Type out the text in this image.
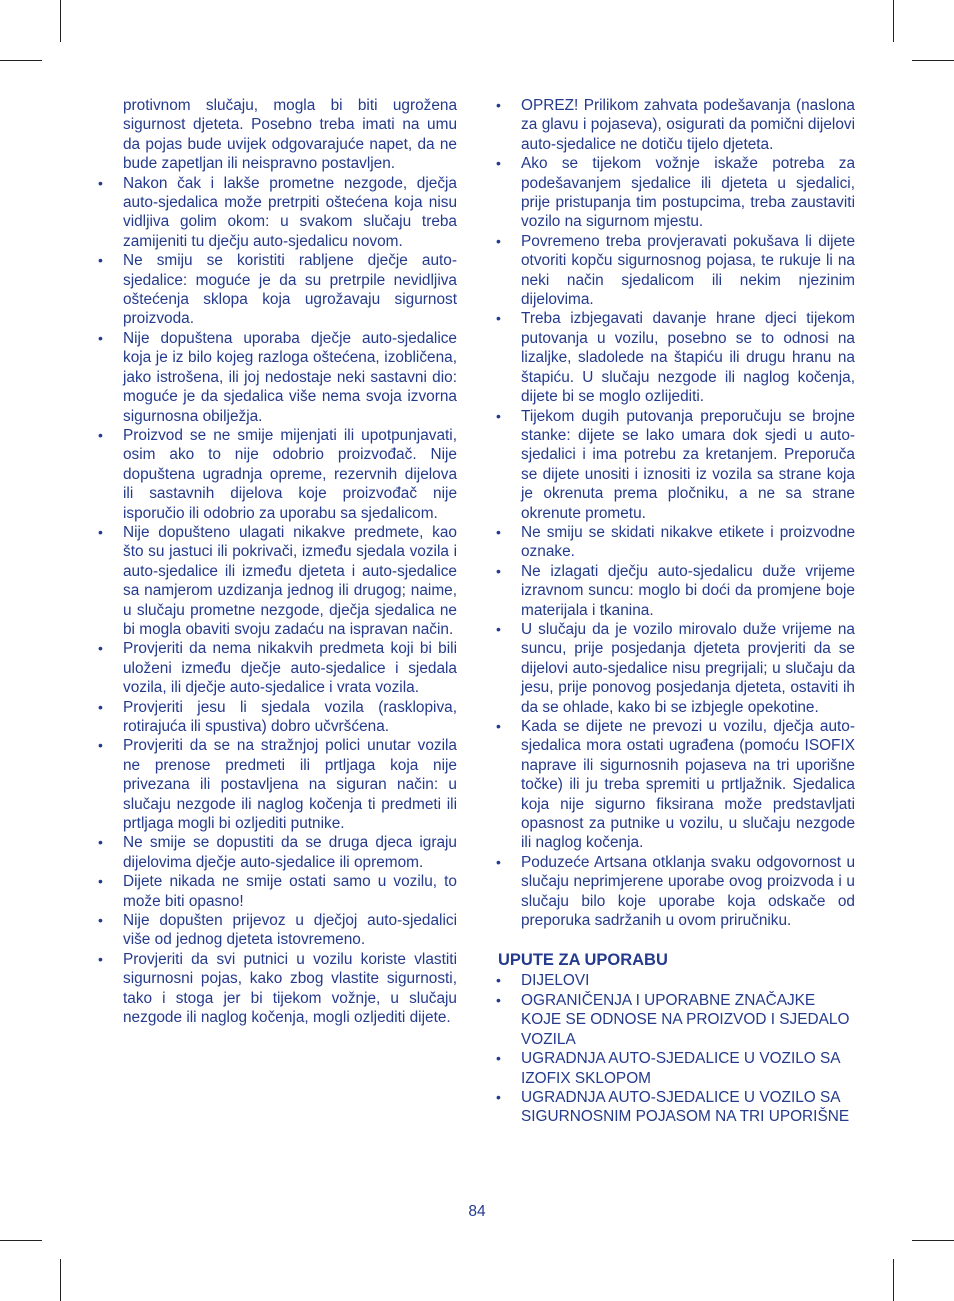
protivnom slučaju, mogla bi biti ugrožena sigurnost djeteta. Posebno treba imati na umu da pojas bude uvijek odgovarajuće napet, da ne bude zapetljan ili neispravno postavljen.

• Nakon čak i lakše prometne nezgode, dječja auto-sjedalica može pretrpiti oštećena koja nisu vidljiva golim okom: u svakom slučaju treba zamijeniti tu dječju auto-sjedalicu novom.
• Ne smiju se koristiti rabljene dječje auto-sjedalice: moguće je da su pretrpile nevidljiva oštećenja sklopa koja ugrožavaju sigurnost proizvoda.
• Nije dopuštena uporaba dječje auto-sjedalice koja je iz bilo kojeg razloga oštećena, izobličena, jako istrošena, ili joj nedostaje neki sastavni dio: moguće je da sjedalica više nema svoja izvorna sigurnosna obilježja.
• Proizvod se ne smije mijenjati ili upotpunjavati, osim ako to nije odobrio proizvođač. Nije dopuštena ugradnja opreme, rezervnih dijelova ili sastavnih dijelova koje proizvođač nije isporučio ili odobrio za uporabu sa sjedalicom.
• Nije dopušteno ulagati nikakve predmete, kao što su jastuci ili pokrivači, između sjedala vozila i auto-sjedalice ili između djeteta i auto-sjedalice sa namjerom uzdizanja jednog ili drugog; naime, u slučaju prometne nezgode, dječja sjedalica ne bi mogla obaviti svoju zadaću na ispravan način.
• Provjeriti da nema nikakvih predmeta koji bi bili uloženi između dječje auto-sjedalice i sjedala vozila, ili dječje auto-sjedalice i vrata vozila.
• Provjeriti jesu li sjedala vozila (rasklopiva, rotirajuća ili spustiva) dobro učvršćena.
• Provjeriti da se na stražnjoj polici unutar vozila ne prenose predmeti ili prtljaga koja nije privezana ili postavljena na siguran način: u slučaju nezgode ili naglog kočenja ti predmeti ili prtljaga mogli bi ozljediti putnike.
• Ne smije se dopustiti da se druga djeca igraju dijelovima dječje auto-sjedalice ili opremom.
• Dijete nikada ne smije ostati samo u vozilu, to može biti opasno!
• Nije dopušten prijevoz u dječjoj auto-sjedalici više od jednog djeteta istovremeno.
• Provjeriti da svi putnici u vozilu koriste vlastiti sigurnosni pojas, kako zbog vlastite sigurnosti, tako i stoga jer bi tijekom vožnje, u slučaju nezgode ili naglog kočenja, mogli ozljediti dijete.
• OPREZ! Prilikom zahvata podešavanja (naslona za glavu i pojaseva), osigurati da pomični dijelovi auto-sjedalice ne dotiču tijelo djeteta.
• Ako se tijekom vožnje iskaže potreba za podešavanjem sjedalice ili djeteta u sjedalici, prije pristupanja tim postupcima, treba zaustaviti vozilo na sigurnom mjestu.
• Povremeno treba provjeravati pokušava li dijete otvoriti kopču sigurnosnog pojasa, te rukuje li na neki način sjedalicom ili nekim njezinim dijelovima.
• Treba izbjegavati davanje hrane djeci tijekom putovanja u vozilu, posebno se to odnosi na lizaljke, sladolede na štapiću ili drugu hranu na štapiću. U slučaju nezgode ili naglog kočenja, dijete bi se moglo ozlijediti.
• Tijekom dugih putovanja preporučuju se brojne stanke: dijete se lako umara dok sjedi u auto-sjedalici i ima potrebu za kretanjem. Preporuča se dijete unositi i iznositi iz vozila sa strane koja je okrenuta prema pločniku, a ne sa strane okrenute prometu.
• Ne smiju se skidati nikakve etikete i proizvodne oznake.
• Ne izlagati dječju auto-sjedalicu duže vrijeme izravnom suncu: moglo bi doći da promjene boje materijala i tkanina.
• U slučaju da je vozilo mirovalo duže vrijeme na suncu, prije posjedanja djeteta provjeriti da se dijelovi auto-sjedalice nisu pregrijali; u slučaju da jesu, prije ponovog posjedanja djeteta, ostaviti ih da se ohlade, kako bi se izbjegle opekotine.
• Kada se dijete ne prevozi u vozilu, dječja auto-sjedalica mora ostati ugrađena (pomoću ISOFIX naprave ili sigurnosnih pojaseva na tri uporišne točke) ili ju treba spremiti u prtljažnik. Sjedalica koja nije sigurno fiksirana može predstavljati opasnost za putnike u vozilu, u slučaju nezgode ili naglog kočenja.
• Poduzeće Artsana otklanja svaku odgovornost u slučaju neprimjerene uporabe ovog proizvoda i u slučaju bilo koje uporabe koja odskače od preporuka sadržanih u ovom priručniku.
UPUTE ZA UPORABU
• DIJELOVI
• OGRANIČENJA I UPORABNE ZNAČAJKE KOJE SE ODNOSE NA PROIZVOD I SJEDALO VOZILA
• UGRADNJA AUTO-SJEDALICE U VOZILO SA IZOFIX SKLOPOM
• UGRADNJA AUTO-SJEDALICE U VOZILO SA SIGURNOSNIM POJASOM NA TRI UPORIŠNE
84
